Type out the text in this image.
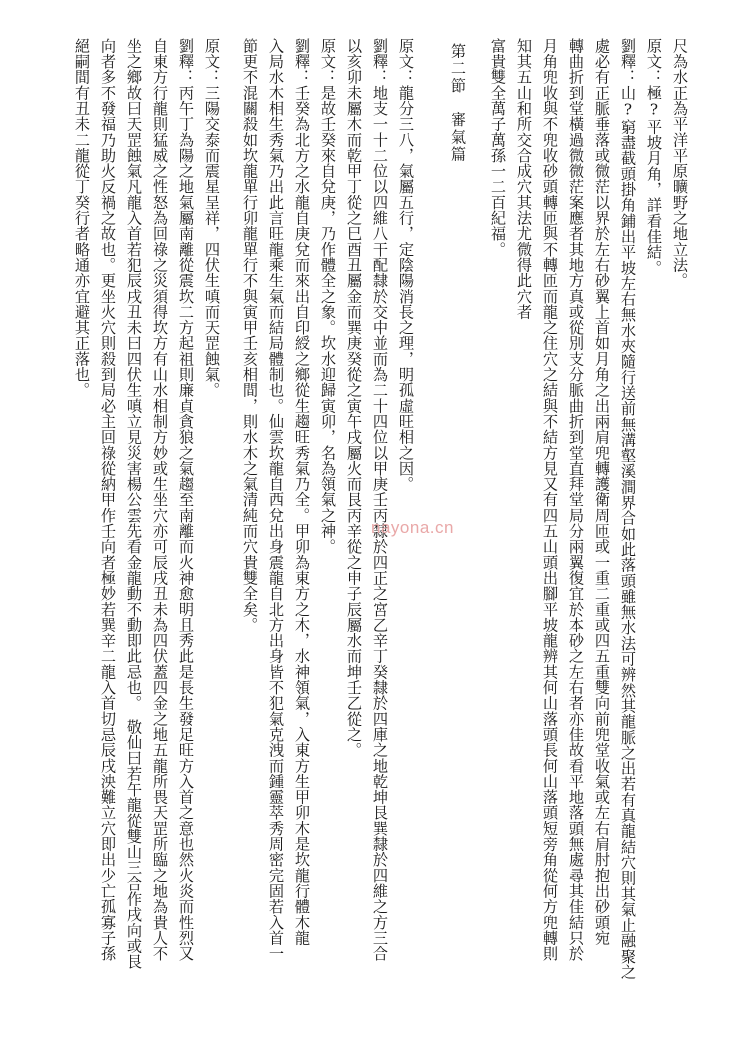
尺為水正為平洋平原曠野之地立法。
原文：極?平坡月角，詳看佳結。
劉釋：山?窮盡截頭掛角鋪出平坡左右無水夾隨行送前無溝壑溪澗界合如此落頭雖無水法可辨然其龍脈之出若有真龍結穴則其氣止融聚之
處必有正脈垂落或微茫以界於左右砂翼上首如月角之出兩肩兜轉護衛周匝或一重二重或四五重雙向前兜堂收氣或左右肩肘抱出砂頭宛
轉曲折到堂橫過微微茫案應者其地方真或從別支分脈曲折到堂直拜堂局分兩翼復宜於本砂之左右者亦佳故看平地落頭無處尋其佳結只於
月角兜收與不兜收砂頭轉匝與不轉匝而龍之住穴之結與不結方見又有四五山頭出腳平坡龍辨其何山落頭長何山落頭短旁角從何方兜轉則
知其五山和所交合成穴其法尤微得此穴者
富貴雙全萬子萬孫一二百紀福。
第二節　審氣篇
原文：龍分三八，氣屬五行，定陰陽消長之理，明孤虛旺相之因。
劉釋：地支一十二位以四維八干配隸於交中並而為二十四位以甲庚壬丙隸於四正之宮乙辛丁癸隸於四庫之地乾坤艮巽隸於四維之方三合
以亥卯未屬木而乾甲丁從之巳酉丑屬金而巽庚癸從之寅午戌屬火而艮丙辛從之申子辰屬水而坤壬乙從之。
原文：是故壬癸來自兌庚，乃作體全之象。坎水迎歸寅卯，名為領氣之神。
劉釋：壬癸為北方之水龍自庚兌而來出自印綬之鄉從生趨旺秀氣乃全。甲卯為東方之木，水神領氣，入東方生甲卯木是坎龍行體木龍
入局水木相生秀氣乃出此言旺龍乘生氣而結局體制也。仙雲坎龍自西兌出身震龍自北方出身皆不犯氣克洩而鍾靈萃秀周密完固若入首一
節更不混關殺如坎龍單行卯龍單行不與寅甲壬亥相間，則水木之氣清純而穴貴雙全矣。
原文：三陽交泰而震星呈祥，四伏生嗔而天罡蝕氣。
劉釋：丙午丁為陽之地氣屬南離從震坎二方起祖則廉貞貪狼之氣趨至南離而火神愈明且秀此是長生發足旺方入首之意也然火炎而性烈又
自東方行龍則猛威之性怒為回祿之災須得坎方有山水相制方妙或生坐穴亦可辰戌丑未為四伏蓋四金之地五龍所畏天罡所臨之地為貴人不
坐之鄉故曰天罡蝕氣凡龍入首若犯辰戌丑未曰四伏生嗔立見災害楊公雲先看金龍動不動即此忌也。　敬仙曰若午龍從雙山三合作戌向或艮
向者多不發福乃助火反禍之故也。更坐火穴則殺到局必主回祿從納甲作壬向者極妙若巽辛二龍入首切忌辰戌泱難立穴即出少亡孤寡子孫
絕嗣間有丑未二龍從丁癸行者略通亦宜避其正落也。
nayona.cn
